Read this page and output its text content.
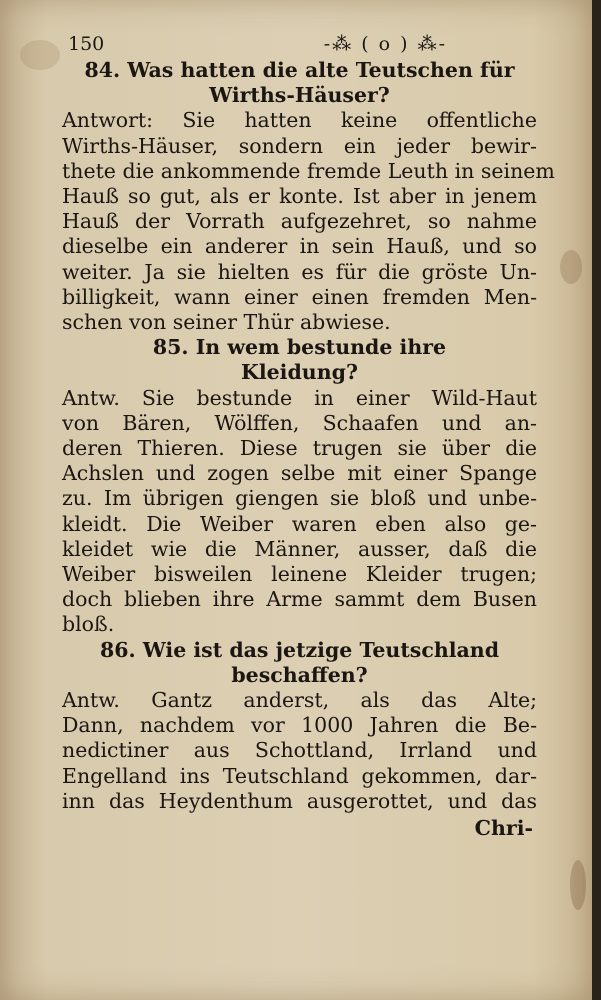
150	-⁂ ( o ) ⁂-

84. Was hatten die alte Teutschen für

Wirths-Häuser?

Antwort: Sie hatten keine offentliche
Wirths-Häuser, sondern ein jeder bewir-
thete die ankommende fremde Leuth in seinem
Hauß so gut, als er konte. Ist aber in jenem
Hauß der Vorrath aufgezehret, so nahme
dieselbe ein anderer in sein Hauß, und so
weiter. Ja sie hielten es für die gröste Un-
billigkeit, wann einer einen fremden Men-
schen von seiner Thür abwiese.

85. In wem bestunde ihre

Kleidung?

Antw. Sie bestunde in einer Wild-Haut
von Bären, Wölffen, Schaafen und an-
deren Thieren. Diese trugen sie über die
Achslen und zogen selbe mit einer Spange
zu. Im übrigen giengen sie bloß und unbe-
kleidt. Die Weiber waren eben also ge-
kleidet wie die Männer, ausser, daß die
Weiber bisweilen leinene Kleider trugen;
doch blieben ihre Arme sammt dem Busen
bloß.

86. Wie ist das jetzige Teutschland

beschaffen?

Antw. Gantz anderst, als das Alte;
Dann, nachdem vor 1000 Jahren die Be-
nedictiner aus Schottland, Irrland und
Engelland ins Teutschland gekommen, dar-
inn das Heydenthum ausgerottet, und das
Chri-
